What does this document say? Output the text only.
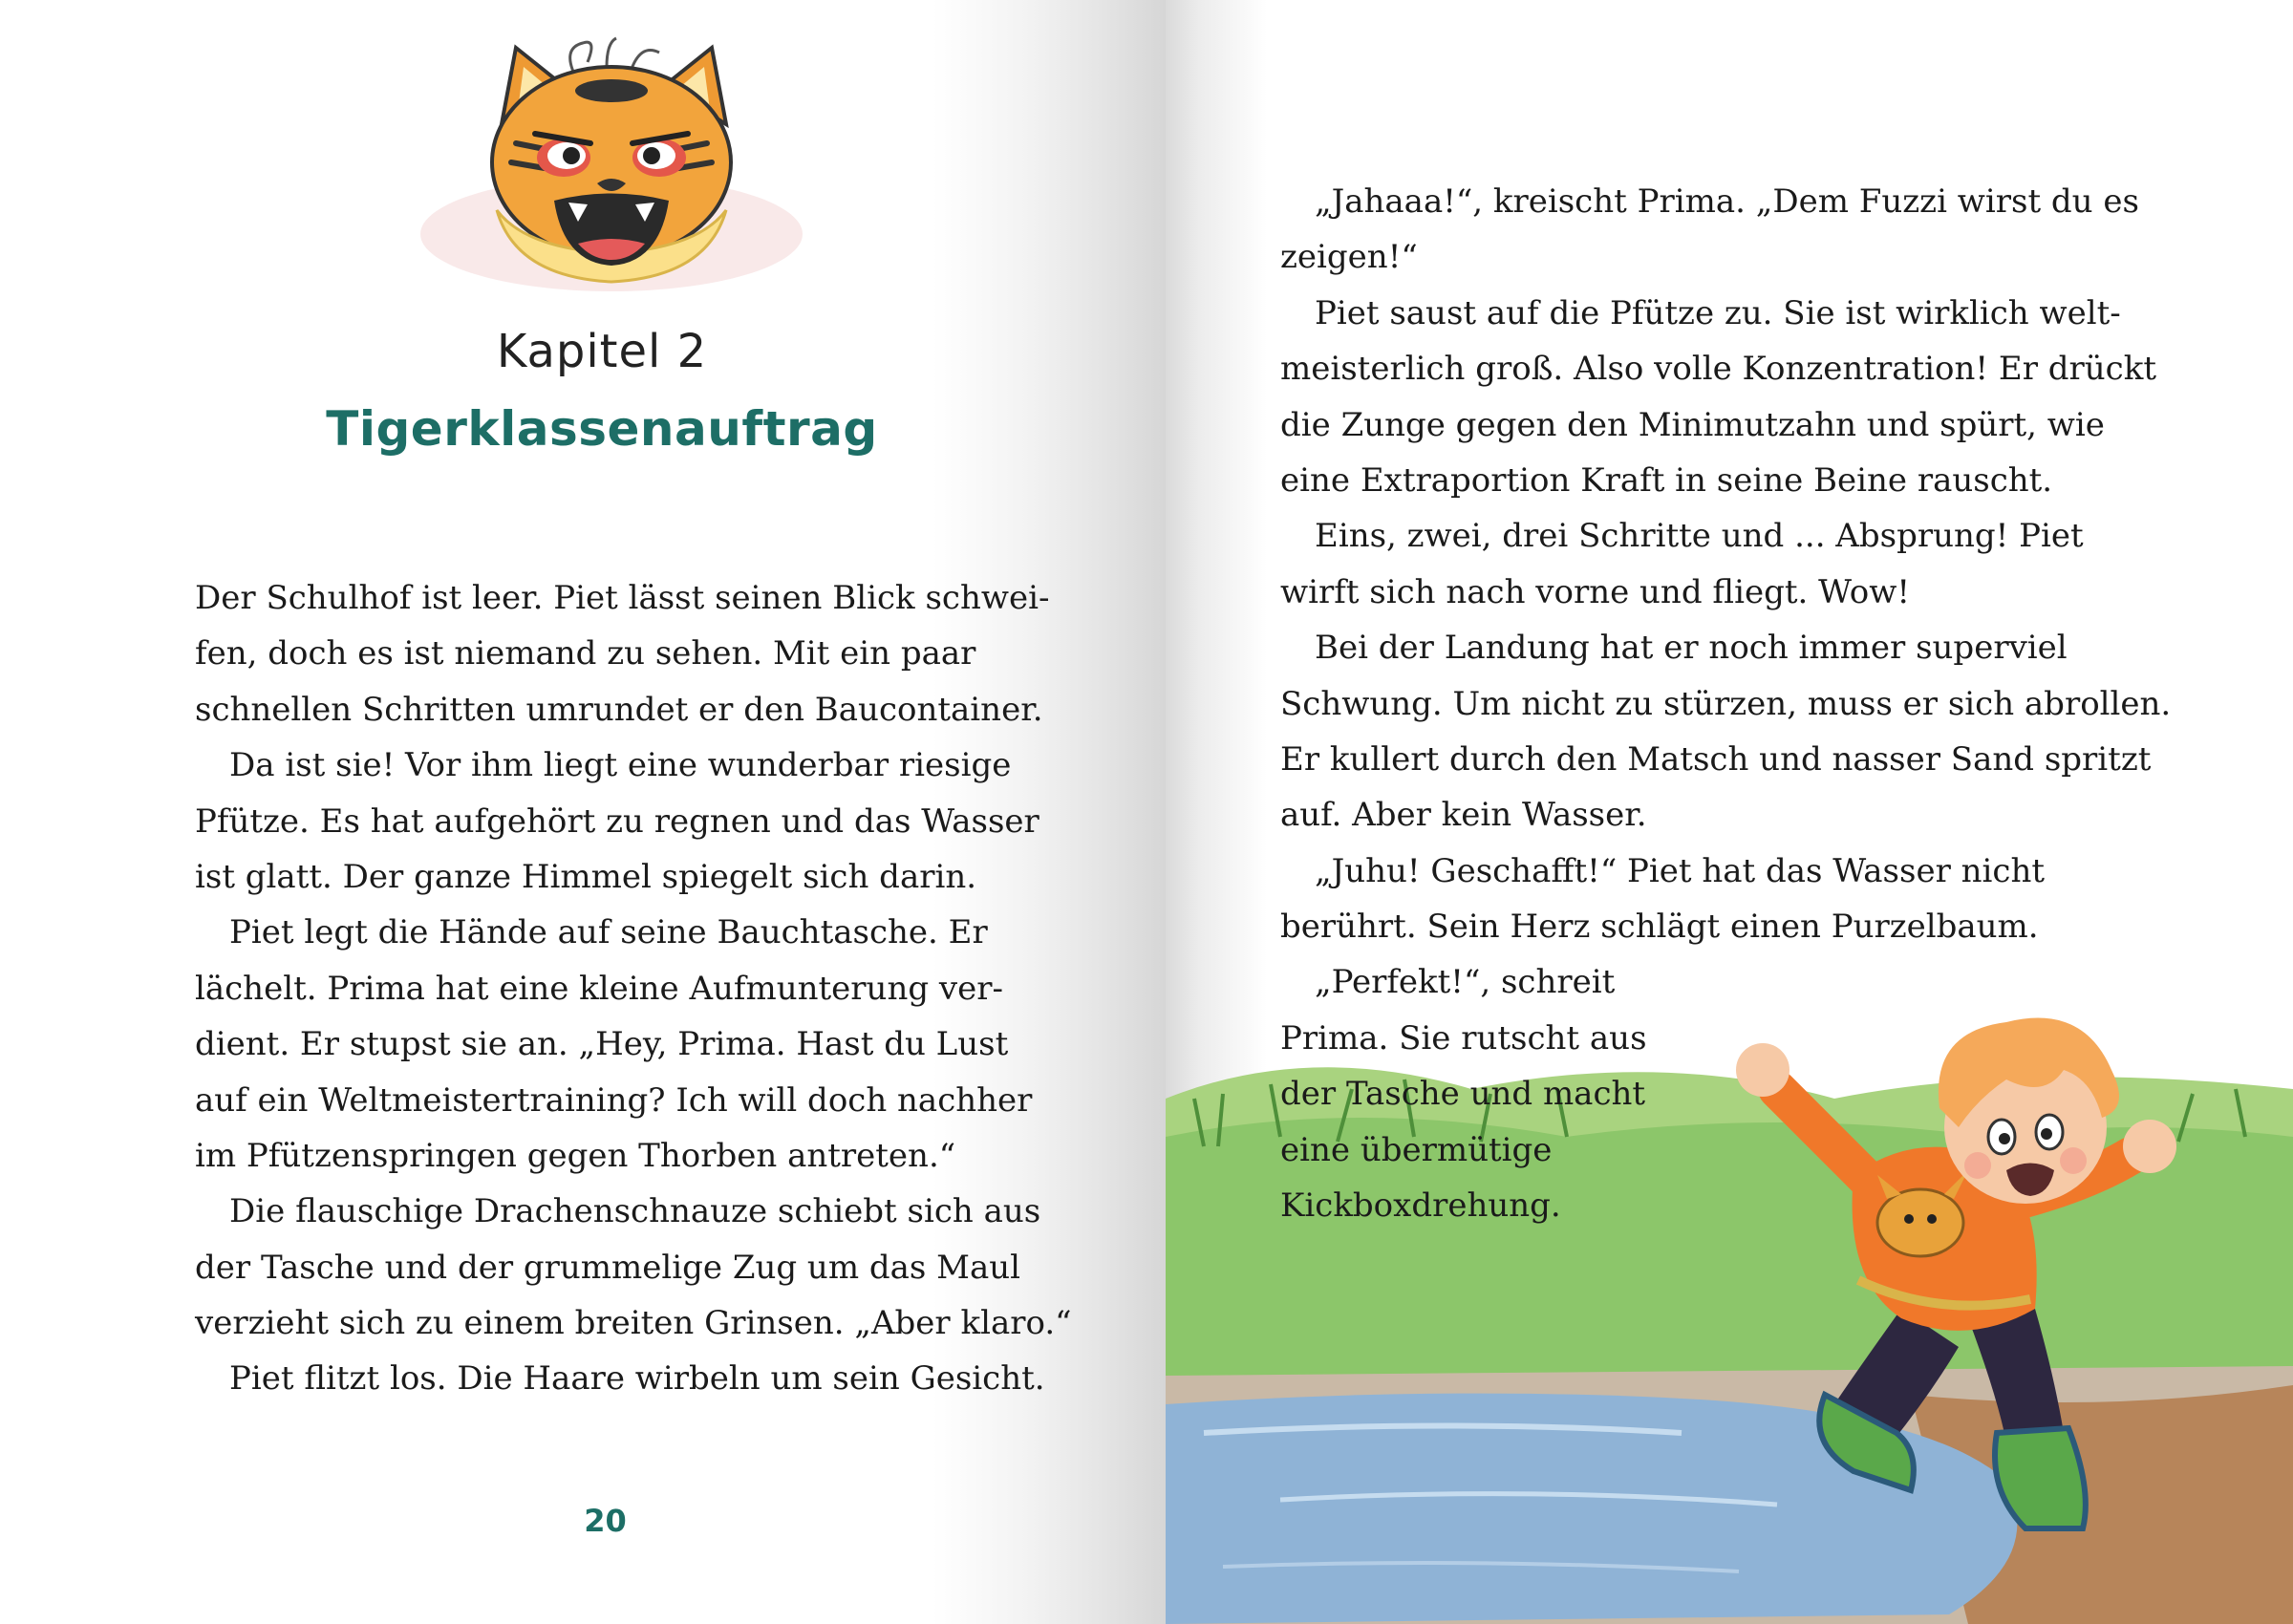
Kapitel 2
Tigerklassenauftrag
Der Schulhof ist leer. Piet lässt seinen Blick schwei-
fen, doch es ist niemand zu sehen. Mit ein paar
schnellen Schritten umrundet er den Baucontainer.
Da ist sie! Vor ihm liegt eine wunderbar riesige
Pfütze. Es hat aufgehört zu regnen und das Wasser
ist glatt. Der ganze Himmel spiegelt sich darin.
Piet legt die Hände auf seine Bauchtasche. Er
lächelt. Prima hat eine kleine Aufmunterung ver-
dient. Er stupst sie an. „Hey, Prima. Hast du Lust
auf ein Weltmeistertraining? Ich will doch nachher
im Pfützenspringen gegen Thorben antreten.“
Die flauschige Drachenschnauze schiebt sich aus
der Tasche und der grummelige Zug um das Maul
verzieht sich zu einem breiten Grinsen. „Aber klaro.“
Piet flitzt los. Die Haare wirbeln um sein Gesicht.
20
„Jahaaa!“, kreischt Prima. „Dem Fuzzi wirst du es
zeigen!“
Piet saust auf die Pfütze zu. Sie ist wirklich welt-
meisterlich groß. Also volle Konzentration! Er drückt
die Zunge gegen den Minimutzahn und spürt, wie
eine Extraportion Kraft in seine Beine rauscht.
Eins, zwei, drei Schritte und ... Absprung! Piet
wirft sich nach vorne und fliegt. Wow!
Bei der Landung hat er noch immer superviel
Schwung. Um nicht zu stürzen, muss er sich abrollen.
Er kullert durch den Matsch und nasser Sand spritzt
auf. Aber kein Wasser.
„Juhu! Geschafft!“ Piet hat das Wasser nicht
berührt. Sein Herz schlägt einen Purzelbaum.
„Perfekt!“, schreit
Prima. Sie rutscht aus
der Tasche und macht
eine übermütige
Kickboxdrehung.
